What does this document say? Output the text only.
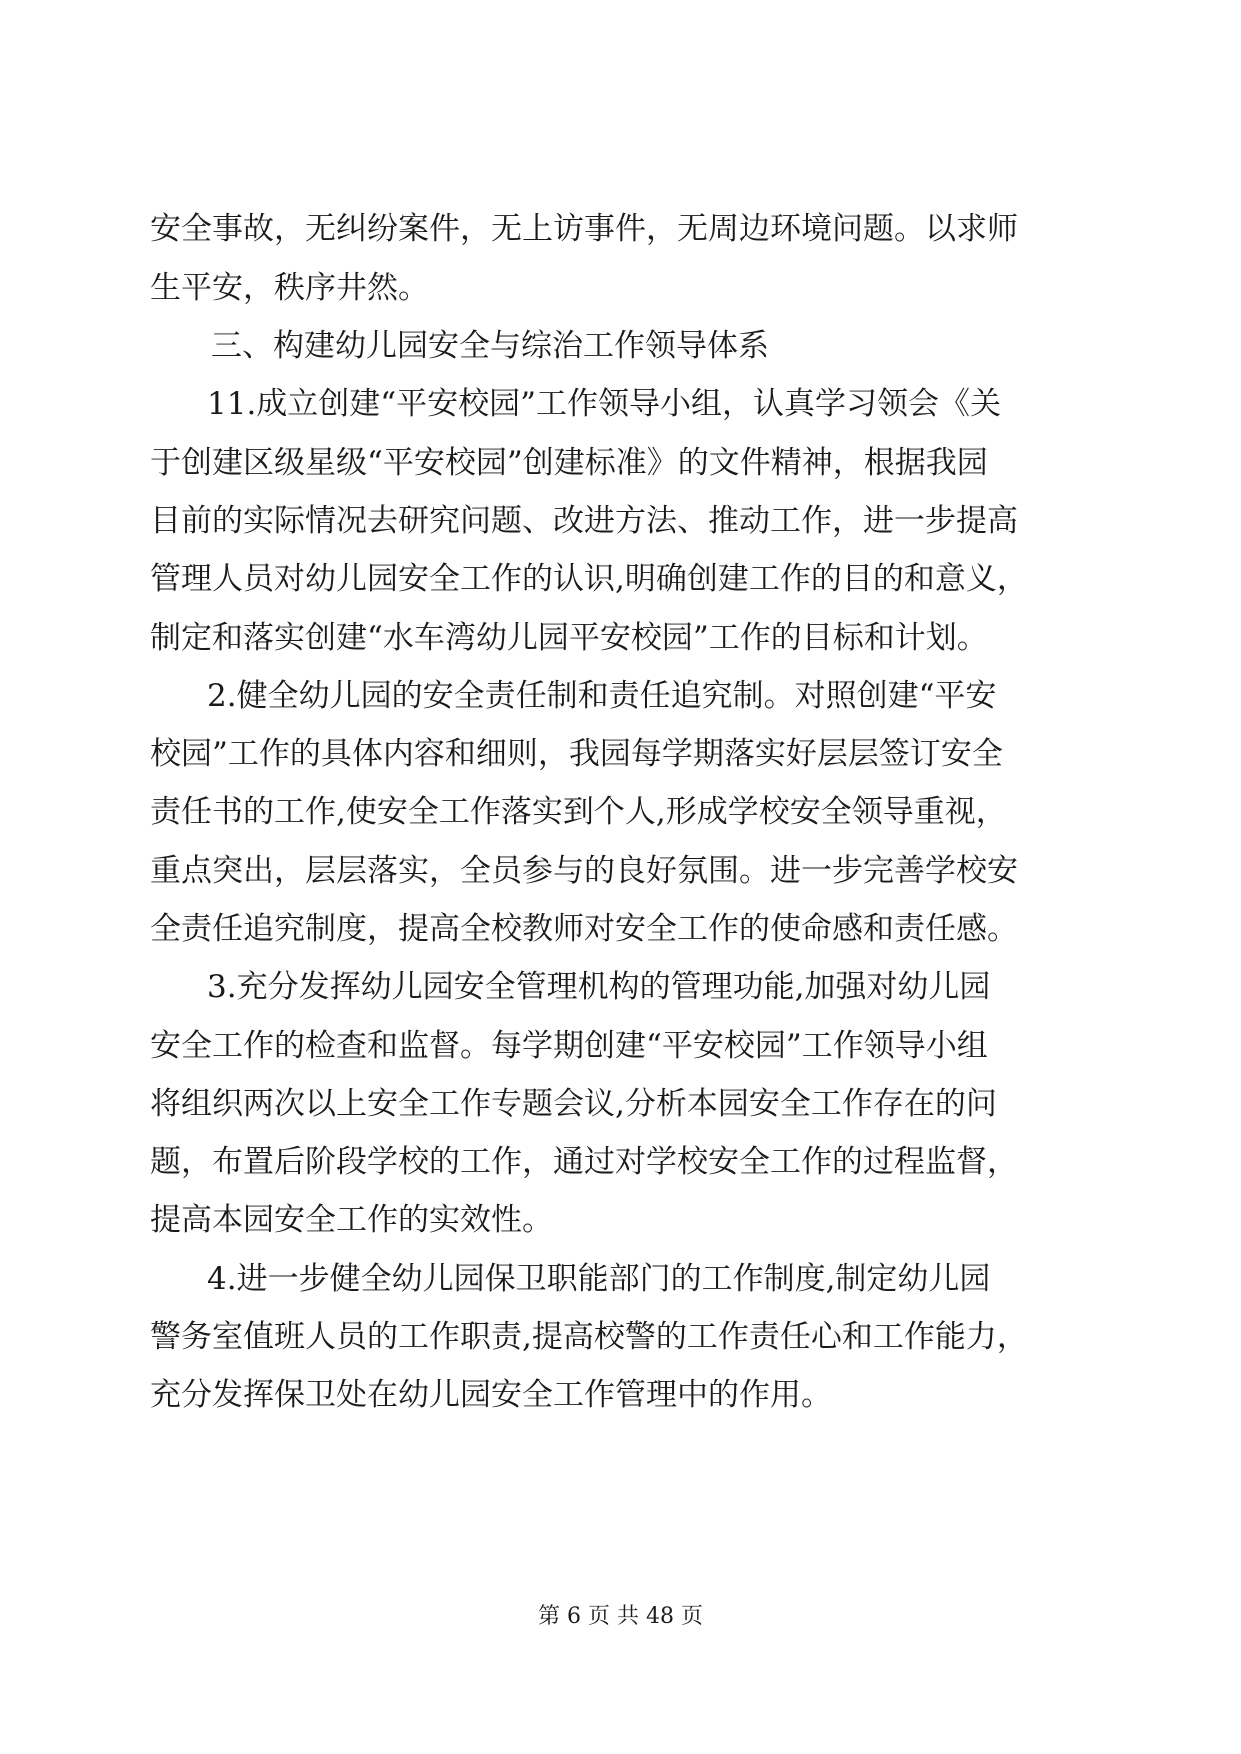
安全事故，无纠纷案件，无上访事件，无周边环境问题。以求师
生平安，秩序井然。
三、构建幼儿园安全与综治工作领导体系
11.成立创建“平安校园”工作领导小组，认真学习领会《关
于创建区级星级“平安校园”创建标准》的文件精神，根据我园
目前的实际情况去研究问题、改进方法、推动工作，进一步提高
管理人员对幼儿园安全工作的认识,明确创建工作的目的和意义，
制定和落实创建“水车湾幼儿园平安校园”工作的目标和计划。
2.健全幼儿园的安全责任制和责任追究制。对照创建“平安
校园”工作的具体内容和细则，我园每学期落实好层层签订安全
责任书的工作,使安全工作落实到个人,形成学校安全领导重视，
重点突出，层层落实，全员参与的良好氛围。进一步完善学校安
全责任追究制度，提高全校教师对安全工作的使命感和责任感。
3.充分发挥幼儿园安全管理机构的管理功能,加强对幼儿园
安全工作的检查和监督。每学期创建“平安校园”工作领导小组
将组织两次以上安全工作专题会议,分析本园安全工作存在的问
题，布置后阶段学校的工作，通过对学校安全工作的过程监督，
提高本园安全工作的实效性。
4.进一步健全幼儿园保卫职能部门的工作制度,制定幼儿园
警务室值班人员的工作职责,提高校警的工作责任心和工作能力，
充分发挥保卫处在幼儿园安全工作管理中的作用。
第 6 页 共 48 页
